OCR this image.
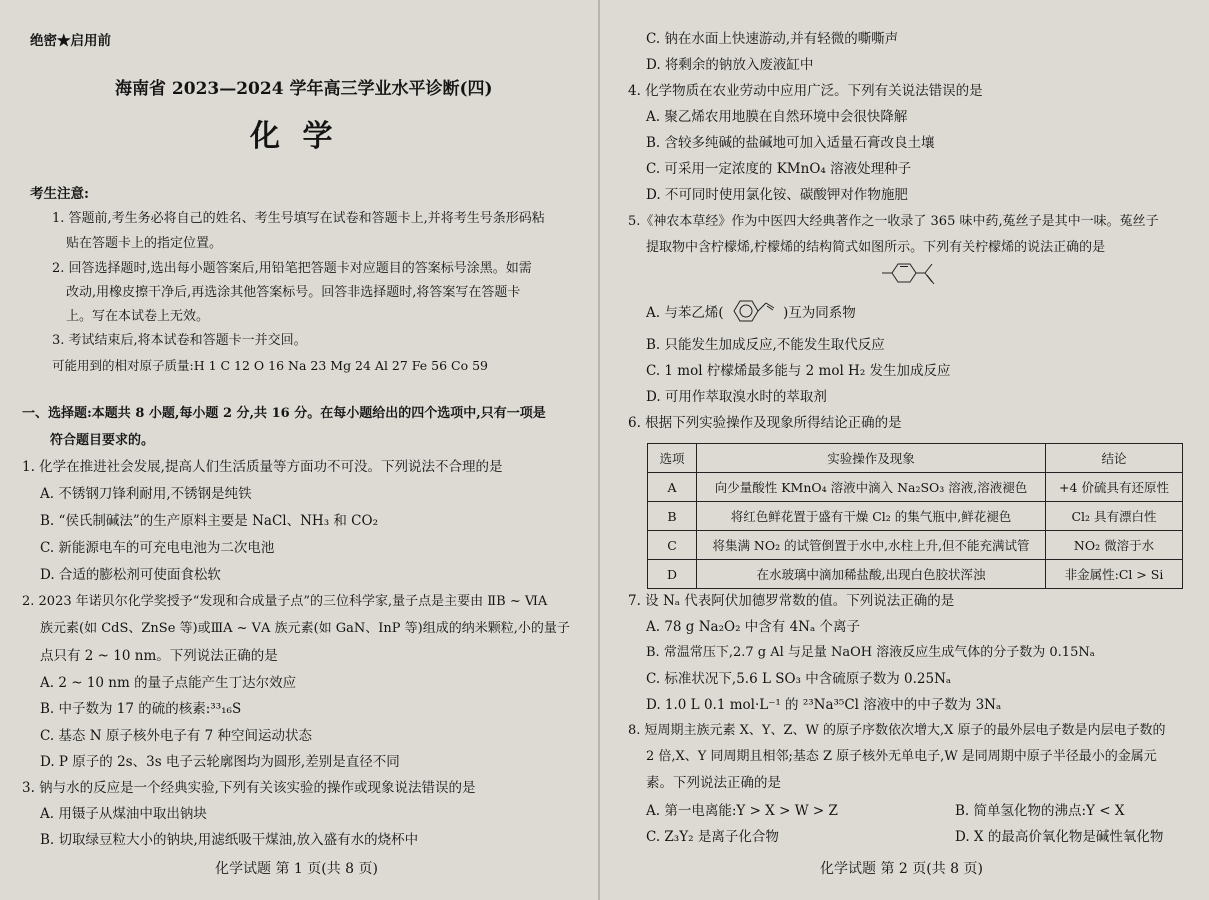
绝密★启用前
海南省 2023—2024 学年高三学业水平诊断(四)
化 学
考生注意:
1. 答题前,考生务必将自己的姓名、考生号填写在试卷和答题卡上,并将考生号条形码粘
贴在答题卡上的指定位置。
2. 回答选择题时,选出每小题答案后,用铅笔把答题卡对应题目的答案标号涂黑。如需
改动,用橡皮擦干净后,再选涂其他答案标号。回答非选择题时,将答案写在答题卡
上。写在本试卷上无效。
3. 考试结束后,将本试卷和答题卡一并交回。
可能用到的相对原子质量:H 1 C 12 O 16 Na 23 Mg 24 Al 27 Fe 56 Co 59
一、选择题:本题共 8 小题,每小题 2 分,共 16 分。在每小题给出的四个选项中,只有一项是
符合题目要求的。
1. 化学在推进社会发展,提高人们生活质量等方面功不可没。下列说法不合理的是
A. 不锈钢刀锋利耐用,不锈钢是纯铁
B. “侯氏制碱法”的生产原料主要是 NaCl、NH₃ 和 CO₂
C. 新能源电车的可充电电池为二次电池
D. 合适的膨松剂可使面食松软
2. 2023 年诺贝尔化学奖授予“发现和合成量子点”的三位科学家,量子点是主要由 ⅡB ~ ⅥA
族元素(如 CdS、ZnSe 等)或ⅢA ~ ⅤA 族元素(如 GaN、InP 等)组成的纳米颗粒,小的量子
点只有 2 ~ 10 nm。下列说法正确的是
A. 2 ~ 10 nm 的量子点能产生丁达尔效应
B. 中子数为 17 的硫的核素:³³₁₆S
C. 基态 N 原子核外电子有 7 种空间运动状态
D. P 原子的 2s、3s 电子云轮廓图均为圆形,差别是直径不同
3. 钠与水的反应是一个经典实验,下列有关该实验的操作或现象说法错误的是
A. 用镊子从煤油中取出钠块
B. 切取绿豆粒大小的钠块,用滤纸吸干煤油,放入盛有水的烧杯中
化学试题 第 1 页(共 8 页)
C. 钠在水面上快速游动,并有轻微的嘶嘶声
D. 将剩余的钠放入废液缸中
4. 化学物质在农业劳动中应用广泛。下列有关说法错误的是
A. 聚乙烯农用地膜在自然环境中会很快降解
B. 含较多纯碱的盐碱地可加入适量石膏改良土壤
C. 可采用一定浓度的 KMnO₄ 溶液处理种子
D. 不可同时使用氯化铵、碳酸钾对作物施肥
5.《神农本草经》作为中医四大经典著作之一收录了 365 味中药,菟丝子是其中一味。菟丝子
提取物中含柠檬烯,柠檬烯的结构简式如图所示。下列有关柠檬烯的说法正确的是
A. 与苯乙烯(	)互为同系物
B. 只能发生加成反应,不能发生取代反应
C. 1 mol 柠檬烯最多能与 2 mol H₂ 发生加成反应
D. 可用作萃取溴水时的萃取剂
6. 根据下列实验操作及现象所得结论正确的是
选项	实验操作及现象	结论
A	向少量酸性 KMnO₄ 溶液中滴入 Na₂SO₃ 溶液,溶液褪色	+4 价硫具有还原性
B	将红色鲜花置于盛有干燥 Cl₂ 的集气瓶中,鲜花褪色	Cl₂ 具有漂白性
C	将集满 NO₂ 的试管倒置于水中,水柱上升,但不能充满试管	NO₂ 微溶于水
D	在水玻璃中滴加稀盐酸,出现白色胶状浑浊	非金属性:Cl > Si
7. 设 Nₐ 代表阿伏加德罗常数的值。下列说法正确的是
A. 78 g Na₂O₂ 中含有 4Nₐ 个离子
B. 常温常压下,2.7 g Al 与足量 NaOH 溶液反应生成气体的分子数为 0.15Nₐ
C. 标准状况下,5.6 L SO₃ 中含硫原子数为 0.25Nₐ
D. 1.0 L 0.1 mol·L⁻¹ 的 ²³Na³⁵Cl 溶液中的中子数为 3Nₐ
8. 短周期主族元素 X、Y、Z、W 的原子序数依次增大,X 原子的最外层电子数是内层电子数的
2 倍,X、Y 同周期且相邻;基态 Z 原子核外无单电子,W 是同周期中原子半径最小的金属元
素。下列说法正确的是
A. 第一电离能:Y > X > W > Z	B. 简单氢化物的沸点:Y < X
C. Z₃Y₂ 是离子化合物	D. X 的最高价氧化物是碱性氧化物
化学试题 第 2 页(共 8 页)
